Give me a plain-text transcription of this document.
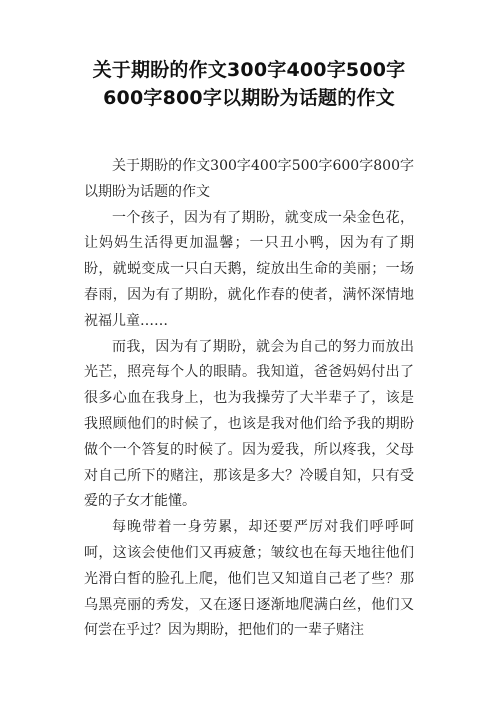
关于期盼的作文300字400字500字
600字800字以期盼为话题的作文

关于期盼的作文300字400字500字600字800字以期盼为话题的作文

一个孩子，因为有了期盼，就变成一朵金色花，让妈妈生活得更加温馨；一只丑小鸭，因为有了期盼，就蜕变成一只白天鹅，绽放出生命的美丽；一场春雨，因为有了期盼，就化作春的使者，满怀深情地祝福儿童……

而我，因为有了期盼，就会为自己的努力而放出光芒，照亮每个人的眼睛。我知道，爸爸妈妈付出了很多心血在我身上，也为我操劳了大半辈子了，该是我照顾他们的时候了，也该是我对他们给予我的期盼做个一个答复的时候了。因为爱我，所以疼我，父母对自己所下的赌注，那该是多大？冷暖自知，只有受爱的子女才能懂。

每晚带着一身劳累，却还要严厉对我们呼呼呵呵，这该会使他们又再疲惫；皱纹也在每天地往他们光滑白皙的脸孔上爬，他们岂又知道自己老了些？那乌黑亮丽的秀发，又在逐日逐渐地爬满白丝，他们又何尝在乎过？因为期盼，把他们的一辈子赌注
